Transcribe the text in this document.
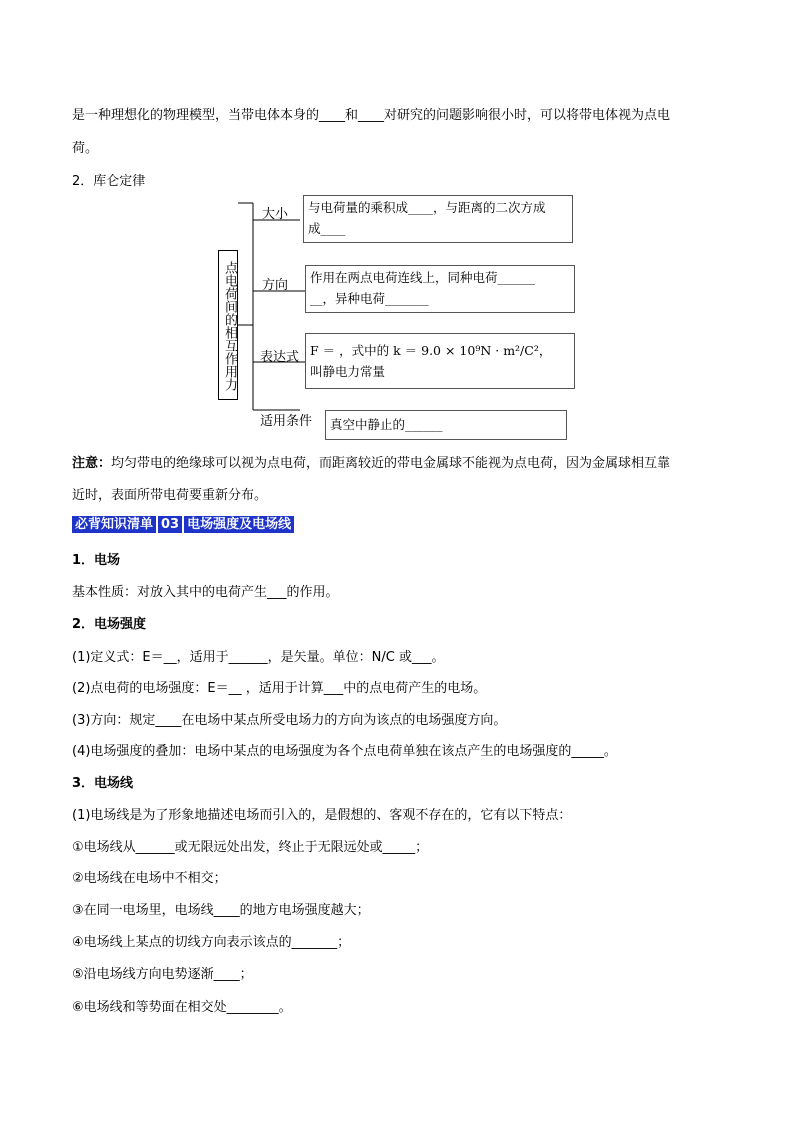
是一种理想化的物理模型，当带电体本身的____和____对研究的问题影响很小时，可以将带电体视为点电
荷。
2．库仑定律
点电荷间的相互作用力
大小
方向
表达式
适用条件
与电荷量的乘积成____，与距离的二次方成
成____
作用在两点电荷连线上，同种电荷______
__，异种电荷_______
F ＝ ，式中的 k ＝ 9.0 × 10⁹N · m²/C²，
叫静电力常量
真空中静止的______
注意：均匀带电的绝缘球可以视为点电荷，而距离较近的带电金属球不能视为点电荷，因为金属球相互靠
近时，表面所带电荷要重新分布。
必背知识清单 03 电场强度及电场线
1．电场
基本性质：对放入其中的电荷产生___的作用。
2．电场强度
(1)定义式：E＝__，适用于______，是矢量。单位：N/C 或___。
(2)点电荷的电场强度：E＝__ ，适用于计算___中的点电荷产生的电场。
(3)方向：规定____在电场中某点所受电场力的方向为该点的电场强度方向。
(4)电场强度的叠加：电场中某点的电场强度为各个点电荷单独在该点产生的电场强度的_____。
3．电场线
(1)电场线是为了形象地描述电场而引入的，是假想的、客观不存在的，它有以下特点：
①电场线从______或无限远处出发，终止于无限远处或_____；
②电场线在电场中不相交；
③在同一电场里，电场线____的地方电场强度越大；
④电场线上某点的切线方向表示该点的_______；
⑤沿电场线方向电势逐渐____；
⑥电场线和等势面在相交处________。
